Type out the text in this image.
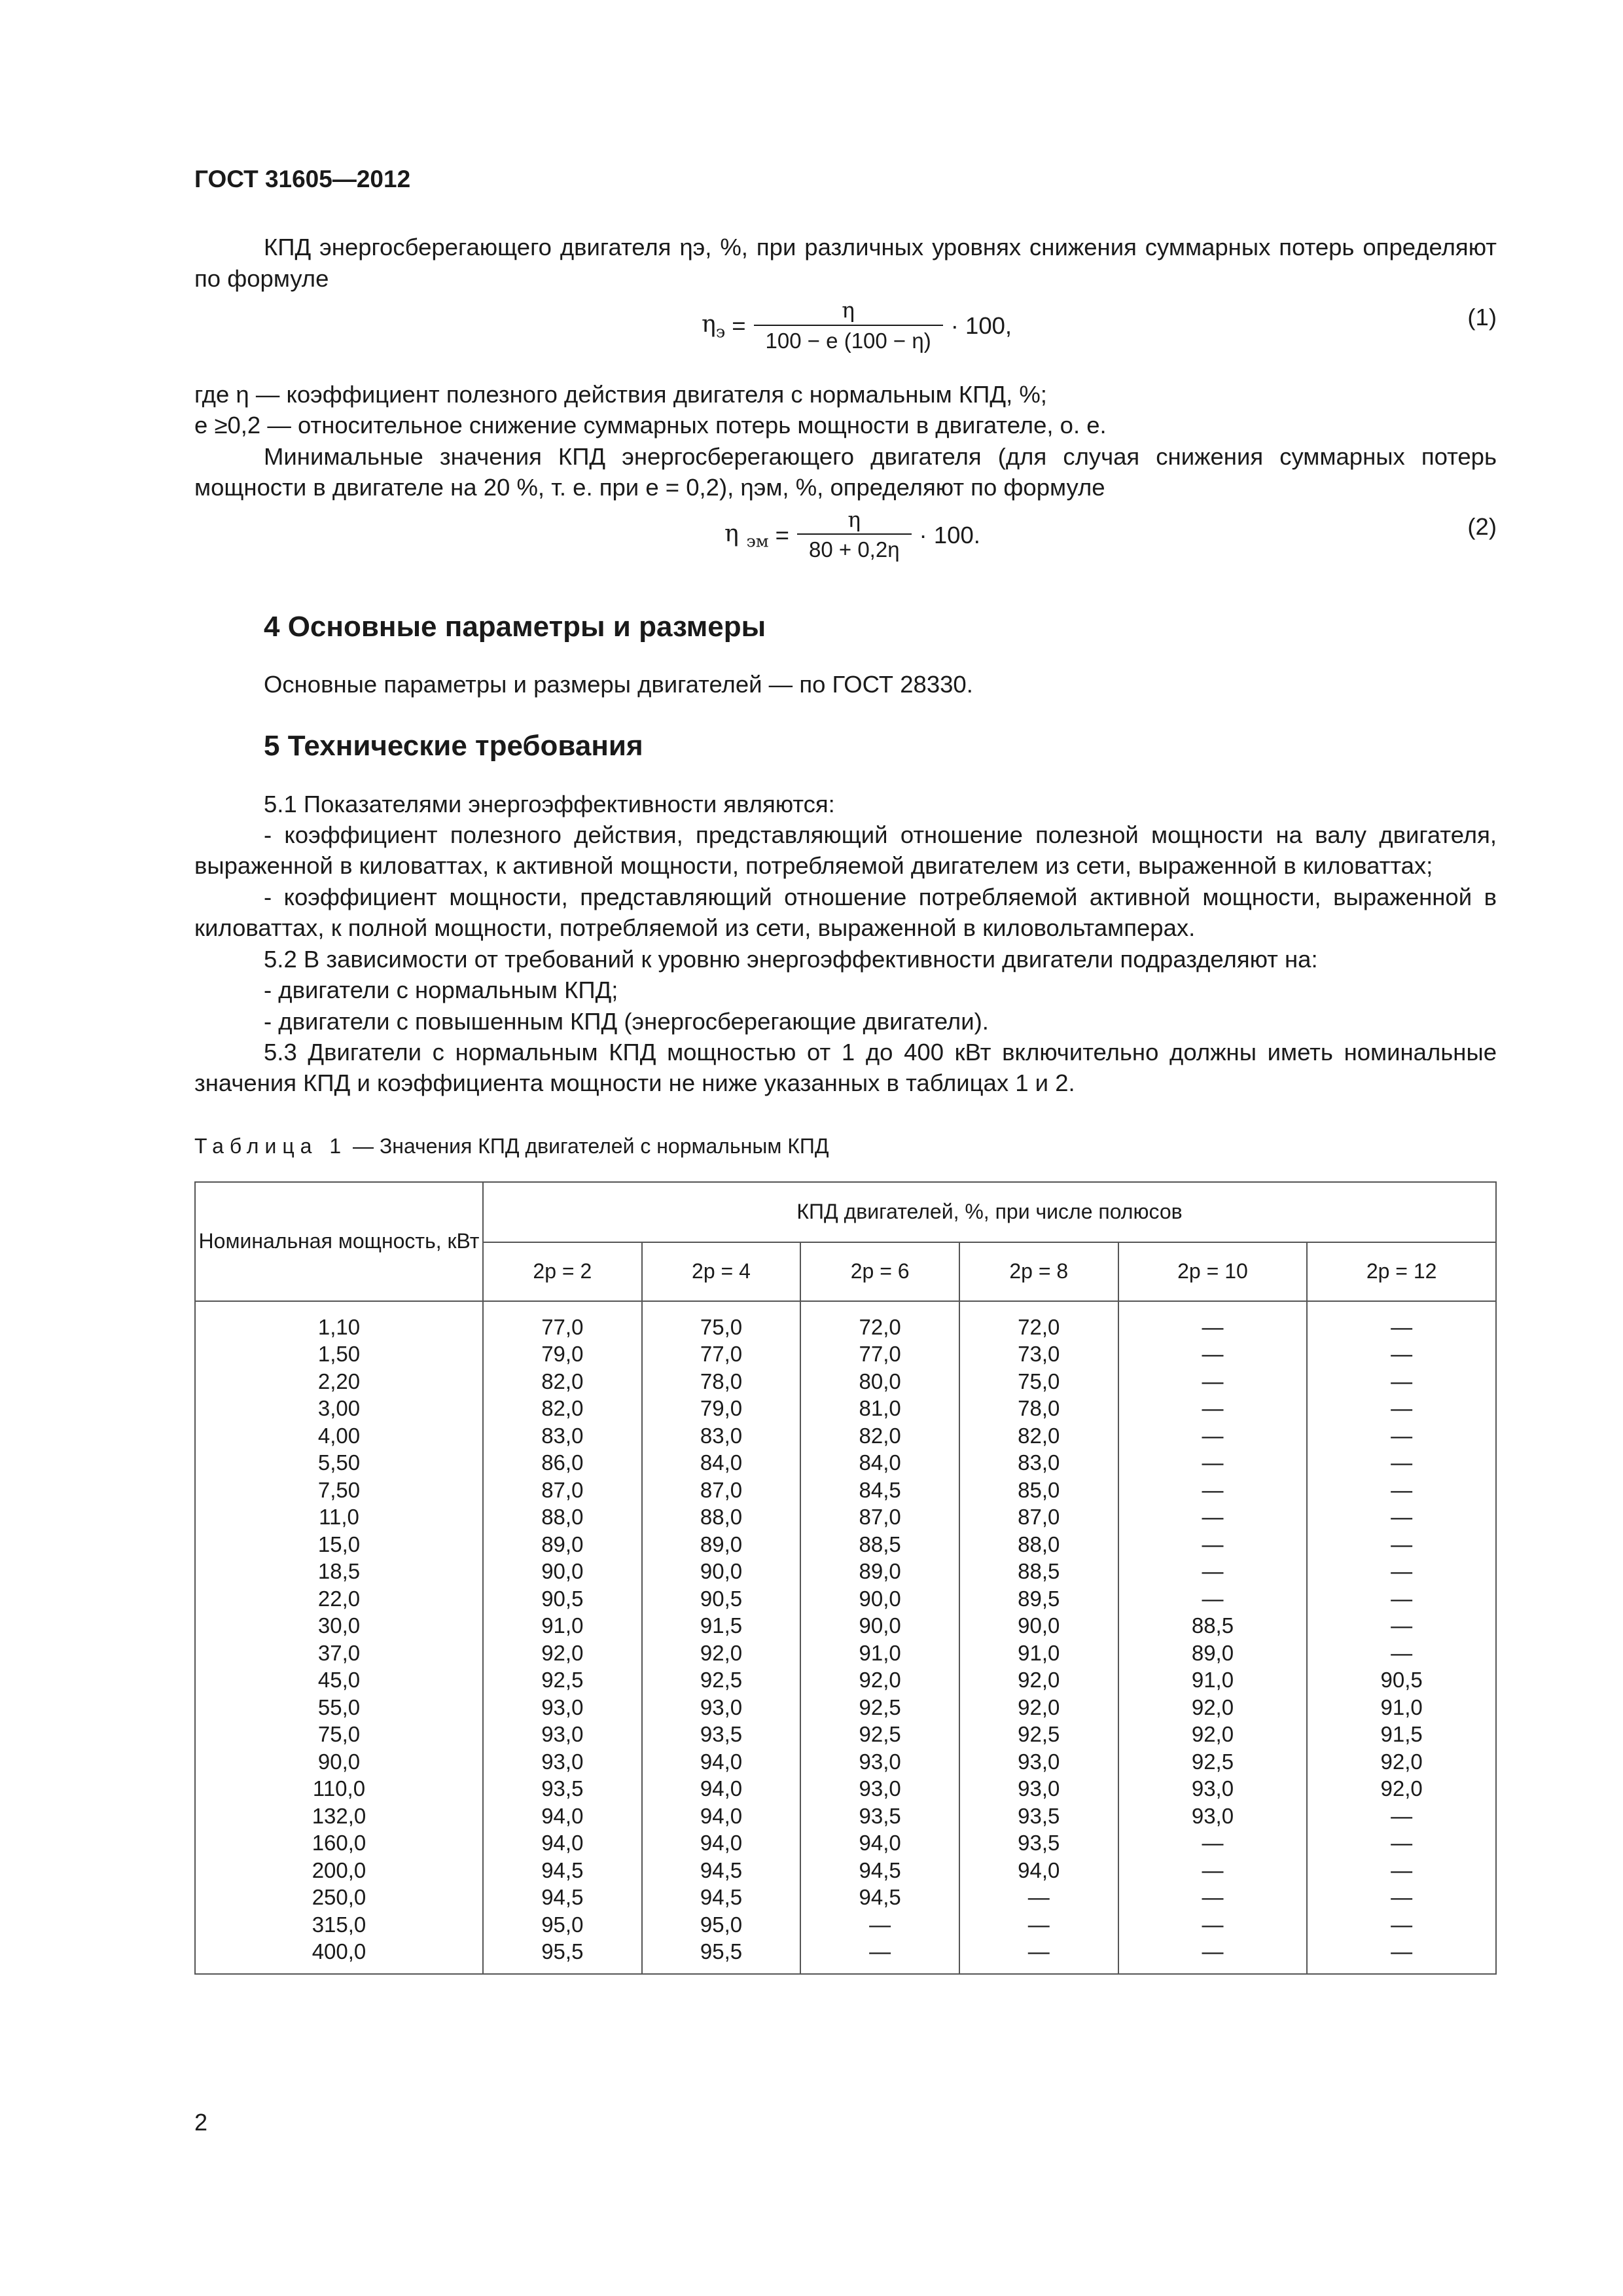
ГОСТ 31605—2012

КПД энергосберегающего двигателя ηэ, %, при различных уровнях снижения суммарных потерь определяют по формуле

$\eta_э = \frac{\eta}{100 - e (100 - \eta)} \cdot 100$,	(1)

где η — коэффициент полезного действия двигателя с нормальным КПД, %;

e ≥0,2 — относительное снижение суммарных потерь мощности в двигателе, о. е.

Минимальные значения КПД энергосберегающего двигателя (для случая снижения суммарных потерь мощности в двигателе на 20 %, т. е. при e = 0,2), ηэм, %, определяют по формуле

η $_{эм} = \frac{\eta}{80 + 0,2\eta} \cdot 100$.	(2)
4 Основные параметры и размеры

Основные параметры и размеры двигателей — по ГОСТ 28330.

5 Технические требования

5.1 Показателями энергоэффективности являются:

- коэффициент полезного действия, представляющий отношение полезной мощности на валу двигателя, выраженной в киловаттах, к активной мощности, потребляемой двигателем из сети, выраженной в киловаттах;

- коэффициент мощности, представляющий отношение потребляемой активной мощности, выраженной в киловаттах, к полной мощности, потребляемой из сети, выраженной в киловольтамперах.

5.2 В зависимости от требований к уровню энергоэффективности двигатели подразделяют на:

- двигатели с нормальным КПД;

- двигатели с повышенным КПД (энергосберегающие двигатели).

5.3 Двигатели с нормальным КПД мощностью от 1 до 400 кВт включительно должны иметь номинальные значения КПД и коэффициента мощности не ниже указанных в таблицах 1 и 2.

Таблица 1 — Значения КПД двигателей с нормальным КПД
Номинальная мощность, кВт	КПД двигателей, %, при числе полюсов					
	2p = 2	2p = 4	2p = 6	2p = 8	2p = 10	2p = 12
1,10	77,0	75,0	72,0	72,0	—	—
1,50	79,0	77,0	77,0	73,0	—	—
2,20	82,0	78,0	80,0	75,0	—	—
3,00	82,0	79,0	81,0	78,0	—	—
4,00	83,0	83,0	82,0	82,0	—	—
5,50	86,0	84,0	84,0	83,0	—	—
7,50	87,0	87,0	84,5	85,0	—	—
11,0	88,0	88,0	87,0	87,0	—	—
15,0	89,0	89,0	88,5	88,0	—	—
18,5	90,0	90,0	89,0	88,5	—	—
22,0	90,5	90,5	90,0	89,5	—	—
30,0	91,0	91,5	90,0	90,0	88,5	—
37,0	92,0	92,0	91,0	91,0	89,0	—
45,0	92,5	92,5	92,0	92,0	91,0	90,5
55,0	93,0	93,0	92,5	92,0	92,0	91,0
75,0	93,0	93,5	92,5	92,5	92,0	91,5
90,0	93,0	94,0	93,0	93,0	92,5	92,0
110,0	93,5	94,0	93,0	93,0	93,0	92,0
132,0	94,0	94,0	93,5	93,5	93,0	—
160,0	94,0	94,0	94,0	93,5	—	—
200,0	94,5	94,5	94,5	94,0	—	—
250,0	94,5	94,5	94,5	—	—	—
315,0	95,0	95,0	—	—	—	—
400,0	95,5	95,5	—	—	—	—
2
